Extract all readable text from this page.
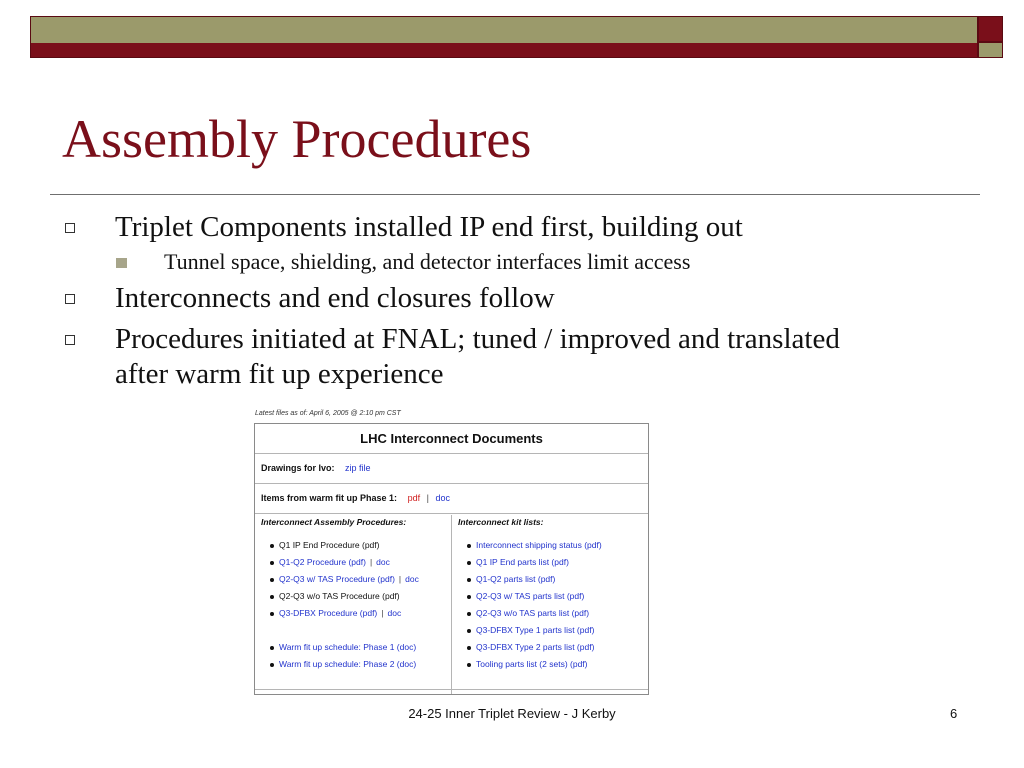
Assembly Procedures
Triplet Components installed IP end first, building out
Tunnel space, shielding, and detector interfaces limit access
Interconnects and end closures follow
Procedures initiated at FNAL; tuned / improved and translated after warm fit up experience
Latest files as of: April 6, 2005 @ 2:10 pm CST
LHC Interconnect Documents
Drawings for Ivo: zip file
Items from warm fit up Phase 1: pdf | doc
Interconnect Assembly Procedures:
Q1 IP End Procedure (pdf)
Q1-Q2 Procedure (pdf) | doc
Q2-Q3 w/ TAS Procedure (pdf) | doc
Q2-Q3 w/o TAS Procedure (pdf)
Q3-DFBX Procedure (pdf) | doc
Warm fit up schedule: Phase 1 (doc)
Warm fit up schedule: Phase 2 (doc)
Interconnect kit lists:
Interconnect shipping status (pdf)
Q1 IP End parts list (pdf)
Q1-Q2 parts list (pdf)
Q2-Q3 w/ TAS parts list (pdf)
Q2-Q3 w/o TAS parts list (pdf)
Q3-DFBX Type 1 parts list (pdf)
Q3-DFBX Type 2 parts list (pdf)
Tooling parts list (2 sets) (pdf)
24-25 Inner Triplet Review - J Kerby	6
